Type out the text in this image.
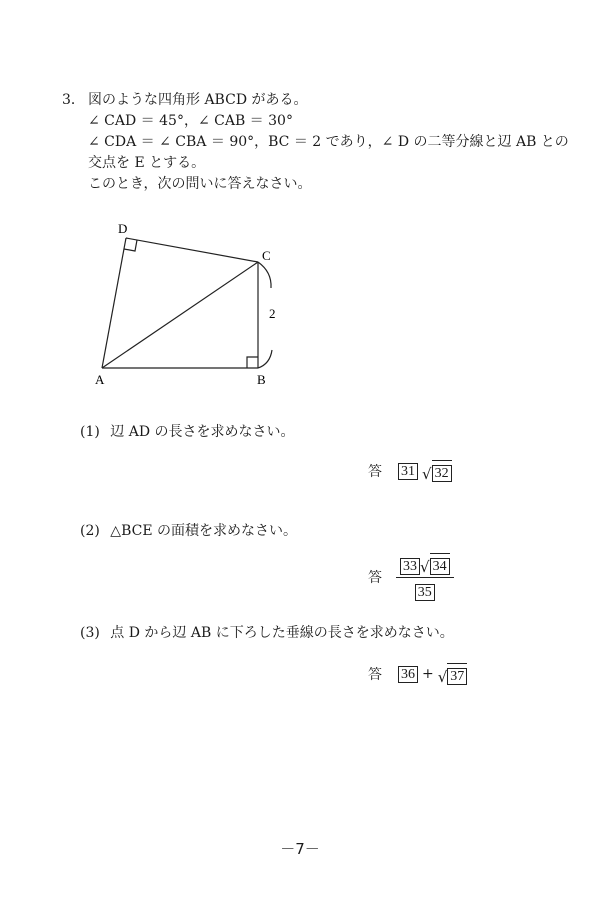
3． 図のような四角形 ABCD がある。
∠ CAD ＝ 45°，∠ CAB ＝ 30°
∠ CDA ＝ ∠ CBA ＝ 90°，BC ＝ 2 であり，∠ D の二等分線と辺 AB との
交点を E とする。
このとき，次の問いに答えなさい。
D
C
A	B
2
(1) 辺 AD の長さを求めなさい。
答 31 √ 32
(2) △BCE の面積を求めなさい。
答 $\frac{33 √ 34}{35}$
(3) 点 D から辺 AB に下ろした垂線の長さを求めなさい。
答 36 + √ 37
－7－
